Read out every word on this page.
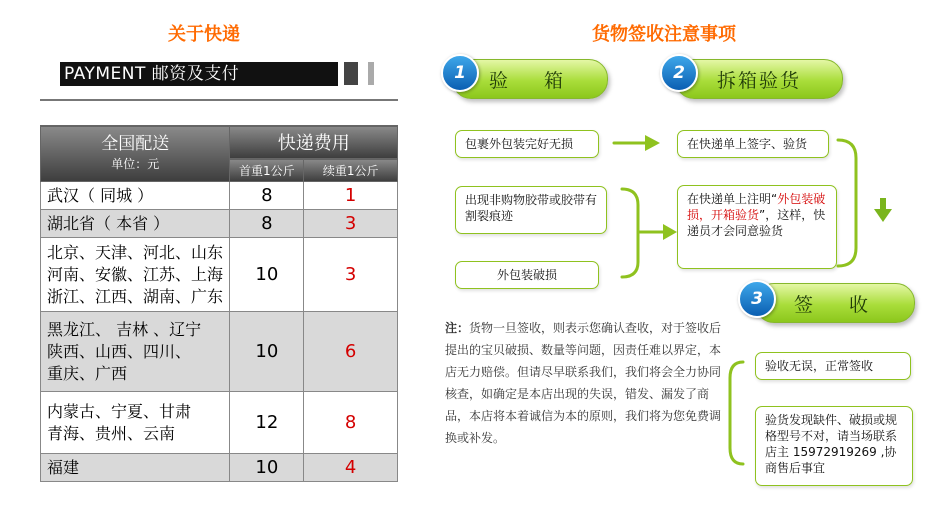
关于快递
PAYMENT 邮资及支付
全国配送
单位：元	快递费用	
	首重1公斤	续重1公斤

武汉（ 同城 ）	8	1

湖北省（ 本省 ）	8	3

北京、天津、河北、山东
河南、安徽、江苏、上海
浙江、江西、湖南、广东	10	3

黑龙江、 吉林 、辽宁
陕西、山西、四川、
重庆、广西	10	6

内蒙古、宁夏、甘肃
青海、贵州、云南	12	8

福建	10	4
货物签收注意事项
验  箱
1	拆箱验货
2
签  收
3
包裹外包装完好无损
出现非购物胶带或胶带有割裂痕迹
外包装破损
在快递单上签字、验货
在快递单上注明“外包装破损，开箱验货”，这样，快递员才会同意验货
验收无误，正常签收
验货发现缺件、破损或规格型号不对，请当场联系店主 15972919269 ,协商售后事宜
注：货物一旦签收，则表示您确认查收，对于签收后提出的宝贝破损、数量等问题，因责任难以界定，本店无力赔偿。但请尽早联系我们，我们将会全力协同核查，如确定是本店出现的失误，错发、漏发了商品，本店将本着诚信为本的原则，我们将为您免费调换或补发。
